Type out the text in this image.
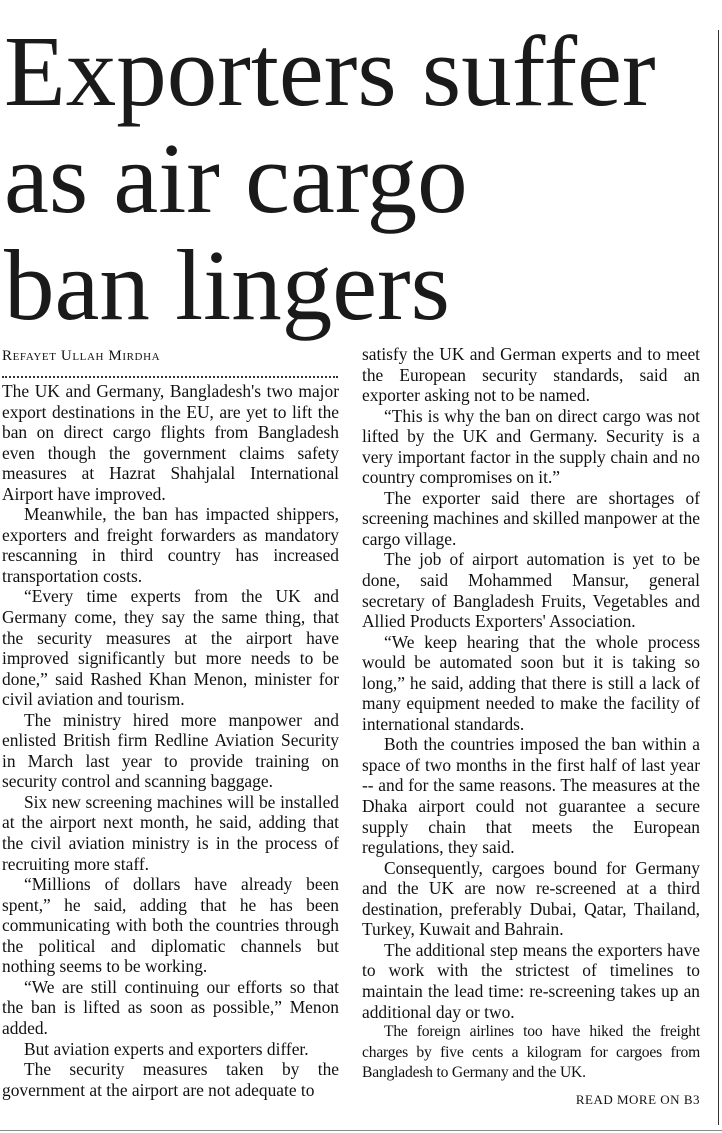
Exporters suffer
as air cargo
ban lingers
Refayet Ullah Mirdha

The UK and Germany, Bangladesh's two major export destinations in the EU, are yet to lift the ban on direct cargo flights from Bangladesh even though the government claims safety measures at Hazrat Shahjalal International Airport have improved.

Meanwhile, the ban has impacted shippers, exporters and freight forwarders as mandatory rescanning in third country has increased transportation costs.

“Every time experts from the UK and Germany come, they say the same thing, that the security measures at the airport have improved significantly but more needs to be done,” said Rashed Khan Menon, minister for civil aviation and tourism.

The ministry hired more manpower and enlisted British firm Redline Aviation Security in March last year to provide training on security control and scanning baggage.

Six new screening machines will be installed at the airport next month, he said, adding that the civil aviation ministry is in the process of recruiting more staff.

“Millions of dollars have already been spent,” he said, adding that he has been communicating with both the countries through the political and diplomatic channels but nothing seems to be working.

“We are still continuing our efforts so that the ban is lifted as soon as possible,” Menon added.

But aviation experts and exporters differ.

The security measures taken by the government at the airport are not adequate to

satisfy the UK and German experts and to meet the European security standards, said an exporter asking not to be named.

“This is why the ban on direct cargo was not lifted by the UK and Germany. Security is a very important factor in the supply chain and no country compromises on it.”

The exporter said there are shortages of screening machines and skilled manpower at the cargo village.

The job of airport automation is yet to be done, said Mohammed Mansur, general secretary of Bangladesh Fruits, Vegetables and Allied Products Exporters' Association.

“We keep hearing that the whole process would be automated soon but it is taking so long,” he said, adding that there is still a lack of many equipment needed to make the facility of international standards.

Both the countries imposed the ban within a space of two months in the first half of last year -- and for the same reasons. The measures at the Dhaka airport could not guarantee a secure supply chain that meets the European regulations, they said.

Consequently, cargoes bound for Germany and the UK are now re-screened at a third destination, preferably Dubai, Qatar, Thailand, Turkey, Kuwait and Bahrain.

The additional step means the exporters have to work with the strictest of timelines to maintain the lead time: re-screening takes up an additional day or two.

The foreign airlines too have hiked the freight charges by five cents a kilogram for cargoes from Bangladesh to Germany and the UK.

READ MORE ON B3
